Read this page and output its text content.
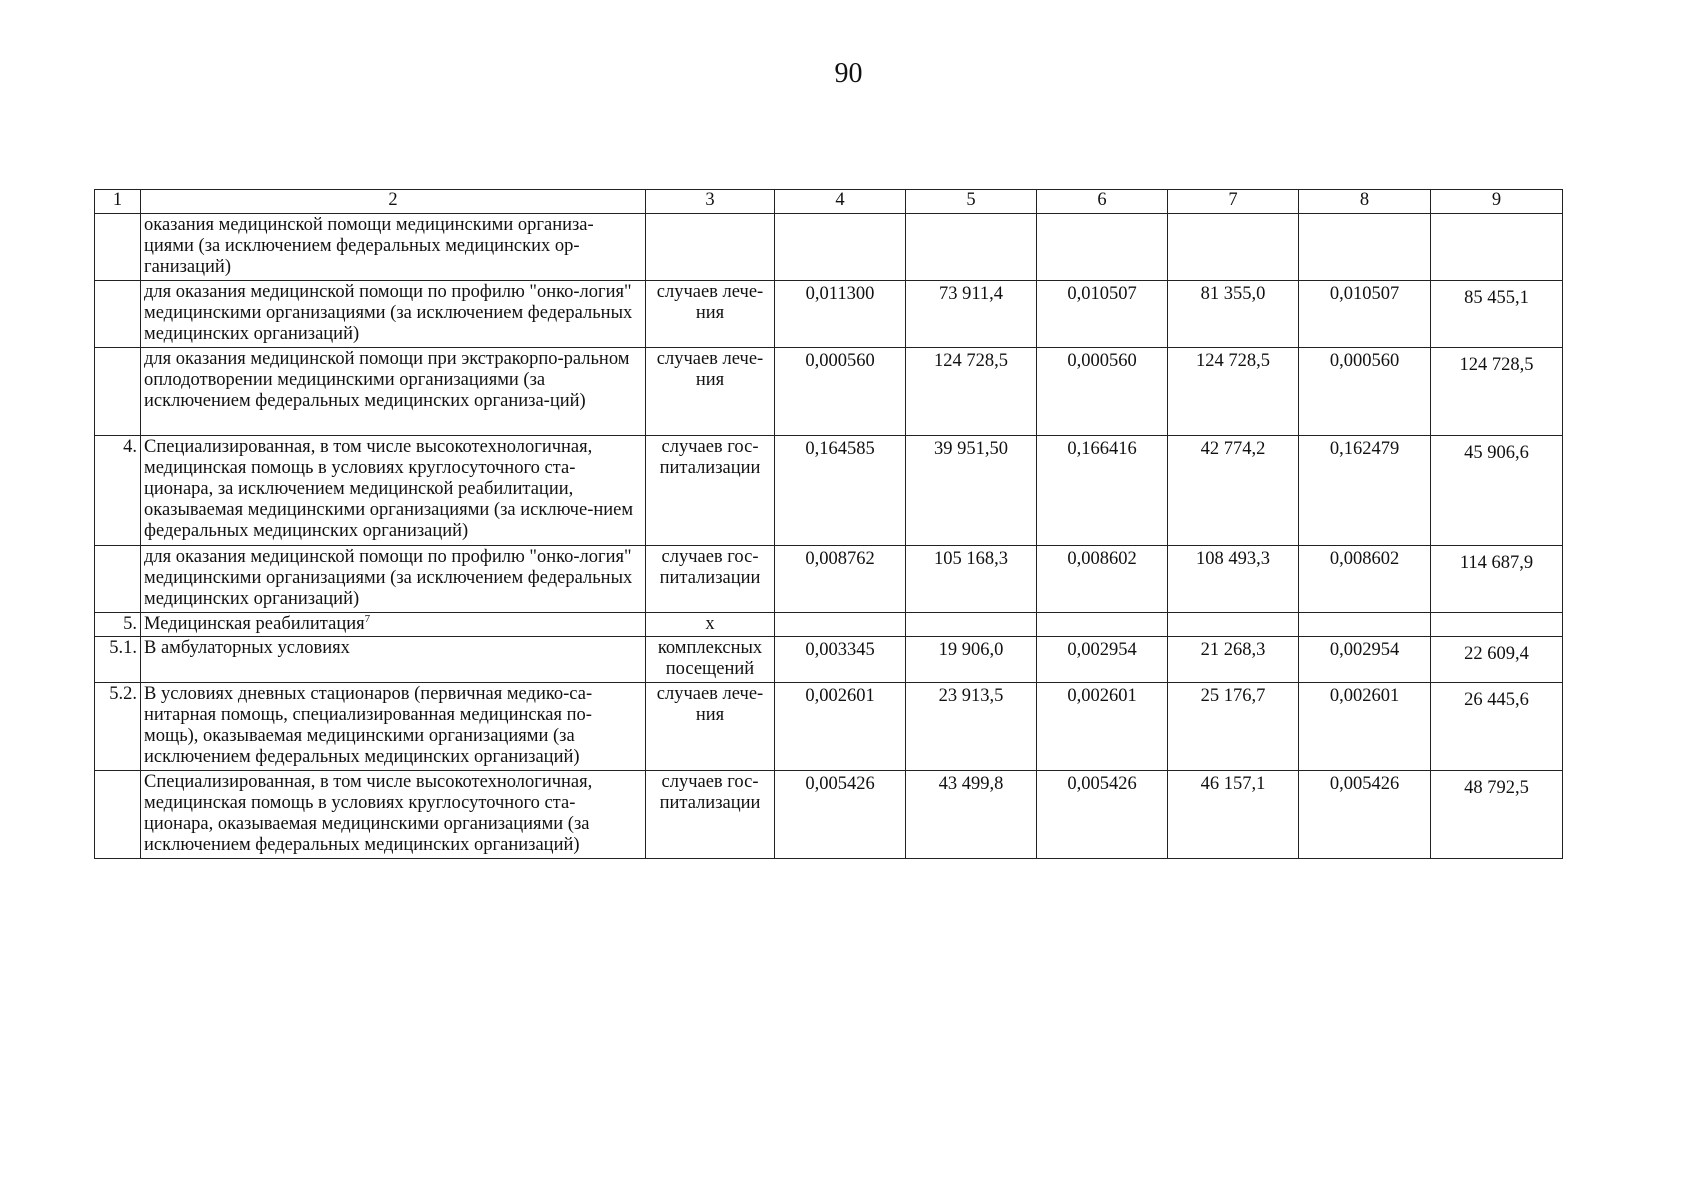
90
1	2	3	4	5	6	7	8	9
	оказания медицинской помощи медицинскими организа-циями (за исключением федеральных медицинских ор-ганизаций)		

	для оказания медицинской помощи по профилю "онко-логия" медицинскими организациями (за исключением федеральных медицинских организаций)	случаев лече-ния	0,011300	73 911,4	0,010507	81 355,0	0,010507	85 455,1

	для оказания медицинской помощи при экстракорпо-ральном оплодотворении медицинскими организациями (за исключением федеральных медицинских организа-ций)	случаев лече-ния	0,000560	124 728,5	0,000560	124 728,5	0,000560	124 728,5

4.	Специализированная, в том числе высокотехнологичная, медицинская помощь в условиях круглосуточного ста-ционара, за исключением медицинской реабилитации, оказываемая медицинскими организациями (за исключе-нием федеральных медицинских организаций)	случаев гос-питализации	0,164585	39 951,50	0,166416	42 774,2	0,162479	45 906,6

	для оказания медицинской помощи по профилю "онко-логия" медицинскими организациями (за исключением федеральных медицинских организаций)	случаев гос-питализации	0,008762	105 168,3	0,008602	108 493,3	0,008602	114 687,9

5.	Медицинская реабилитация$^7$	х	

5.1.	В амбулаторных условиях	комплексных посещений	0,003345	19 906,0	0,002954	21 268,3	0,002954	22 609,4

5.2.	В условиях дневных стационаров (первичная медико-са-нитарная помощь, специализированная медицинская по-мощь), оказываемая медицинскими организациями (за исключением федеральных медицинских организаций)	случаев лече-ния	0,002601	23 913,5	0,002601	25 176,7	0,002601	26 445,6

	Специализированная, в том числе высокотехнологичная, медицинская помощь в условиях круглосуточного ста-ционара, оказываемая медицинскими организациями (за исключением федеральных медицинских организаций)	случаев гос-питализации	0,005426	43 499,8	0,005426	46 157,1	0,005426	48 792,5
